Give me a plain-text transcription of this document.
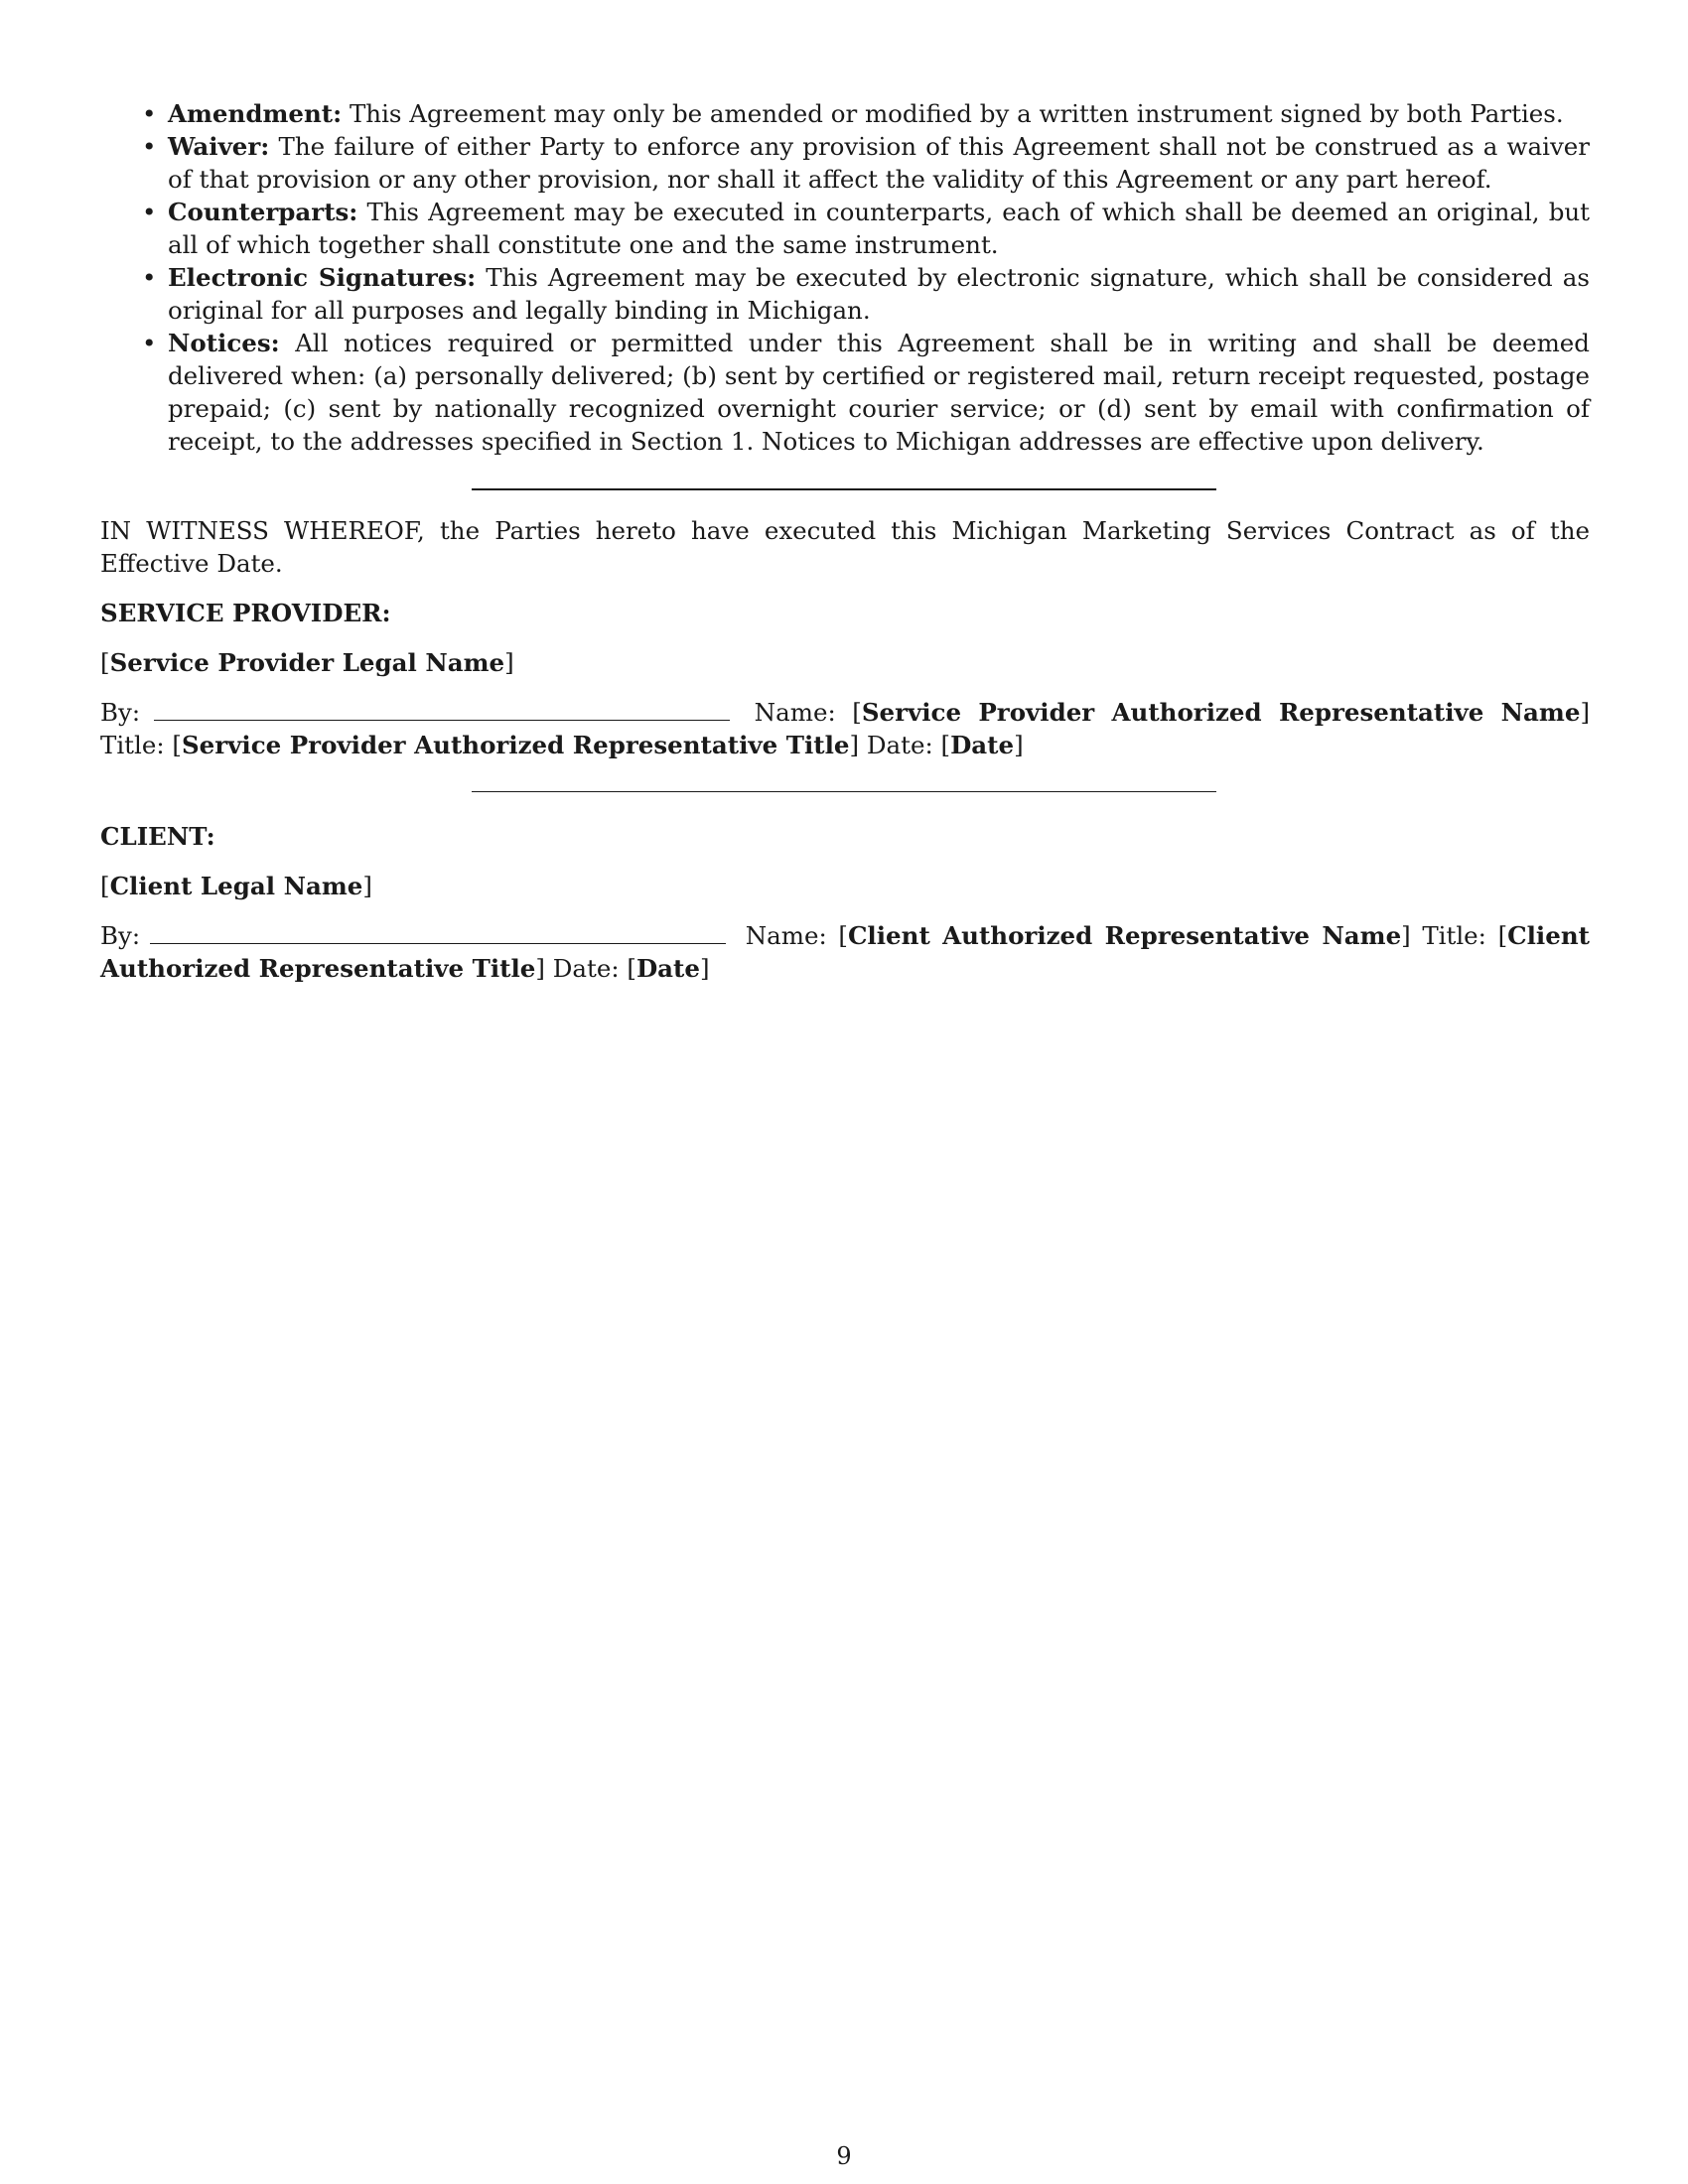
• Amendment: This Agreement may only be amended or modified by a written instrument signed by both Parties.
• Waiver: The failure of either Party to enforce any provision of this Agreement shall not be construed as a waiver of that provision or any other provision, nor shall it affect the validity of this Agreement or any part hereof.
• Counterparts: This Agreement may be executed in counterparts, each of which shall be deemed an original, but all of which together shall constitute one and the same instrument.
• Electronic Signatures: This Agreement may be executed by electronic signature, which shall be considered as original for all purposes and legally binding in Michigan.
• Notices: All notices required or permitted under this Agreement shall be in writing and shall be deemed delivered when: (a) personally delivered; (b) sent by certified or registered mail, return receipt requested, postage prepaid; (c) sent by nationally recognized overnight courier service; or (d) sent by email with confirmation of receipt, to the addresses specified in Section 1. Notices to Michigan addresses are effective upon delivery.

IN WITNESS WHEREOF, the Parties hereto have executed this Michigan Marketing Services Contract as of the Effective Date.

SERVICE PROVIDER:

[Service Provider Legal Name]

By:	Name: [Service Provider Authorized Representative Name] Title: [Service Provider Authorized Representative Title] Date: [Date]

CLIENT:

[Client Legal Name]

By:	Name: [Client Authorized Representative Name] Title: [Client Authorized Representative Title] Date: [Date]

9
